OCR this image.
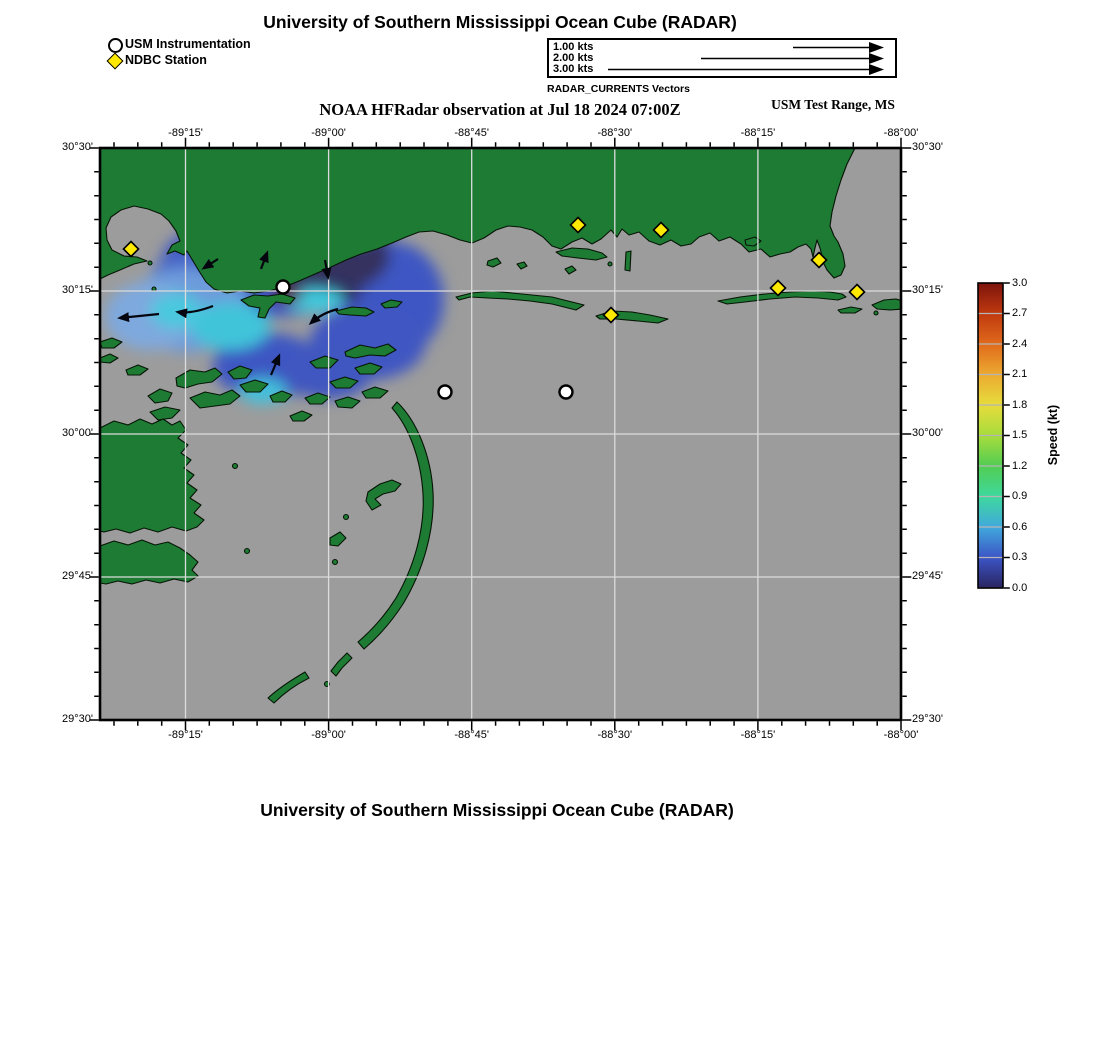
University of Southern Mississippi Ocean Cube (RADAR)
USM Instrumentation
NDBC Station
1.00 kts
2.00 kts
3.00 kts
RADAR_CURRENTS Vectors
NOAA HFRadar observation at Jul 18 2024 07:00Z	USM Test Range, MS
-89°15'	-89°00'	-88°45'	-88°30'	-88°15'	-88°00'
-89°15'	-89°00'	-88°45'	-88°30'	-88°15'	-88°00'
30°30'
30°15'
30°00'
29°45'
29°30'
30°30'
30°15'
30°00'
29°45'
29°30'
3.0
2.7
2.4
2.1
1.8
1.5
1.2
0.9
0.6
0.3
0.0
Speed (kt)
University of Southern Mississippi Ocean Cube (RADAR)
